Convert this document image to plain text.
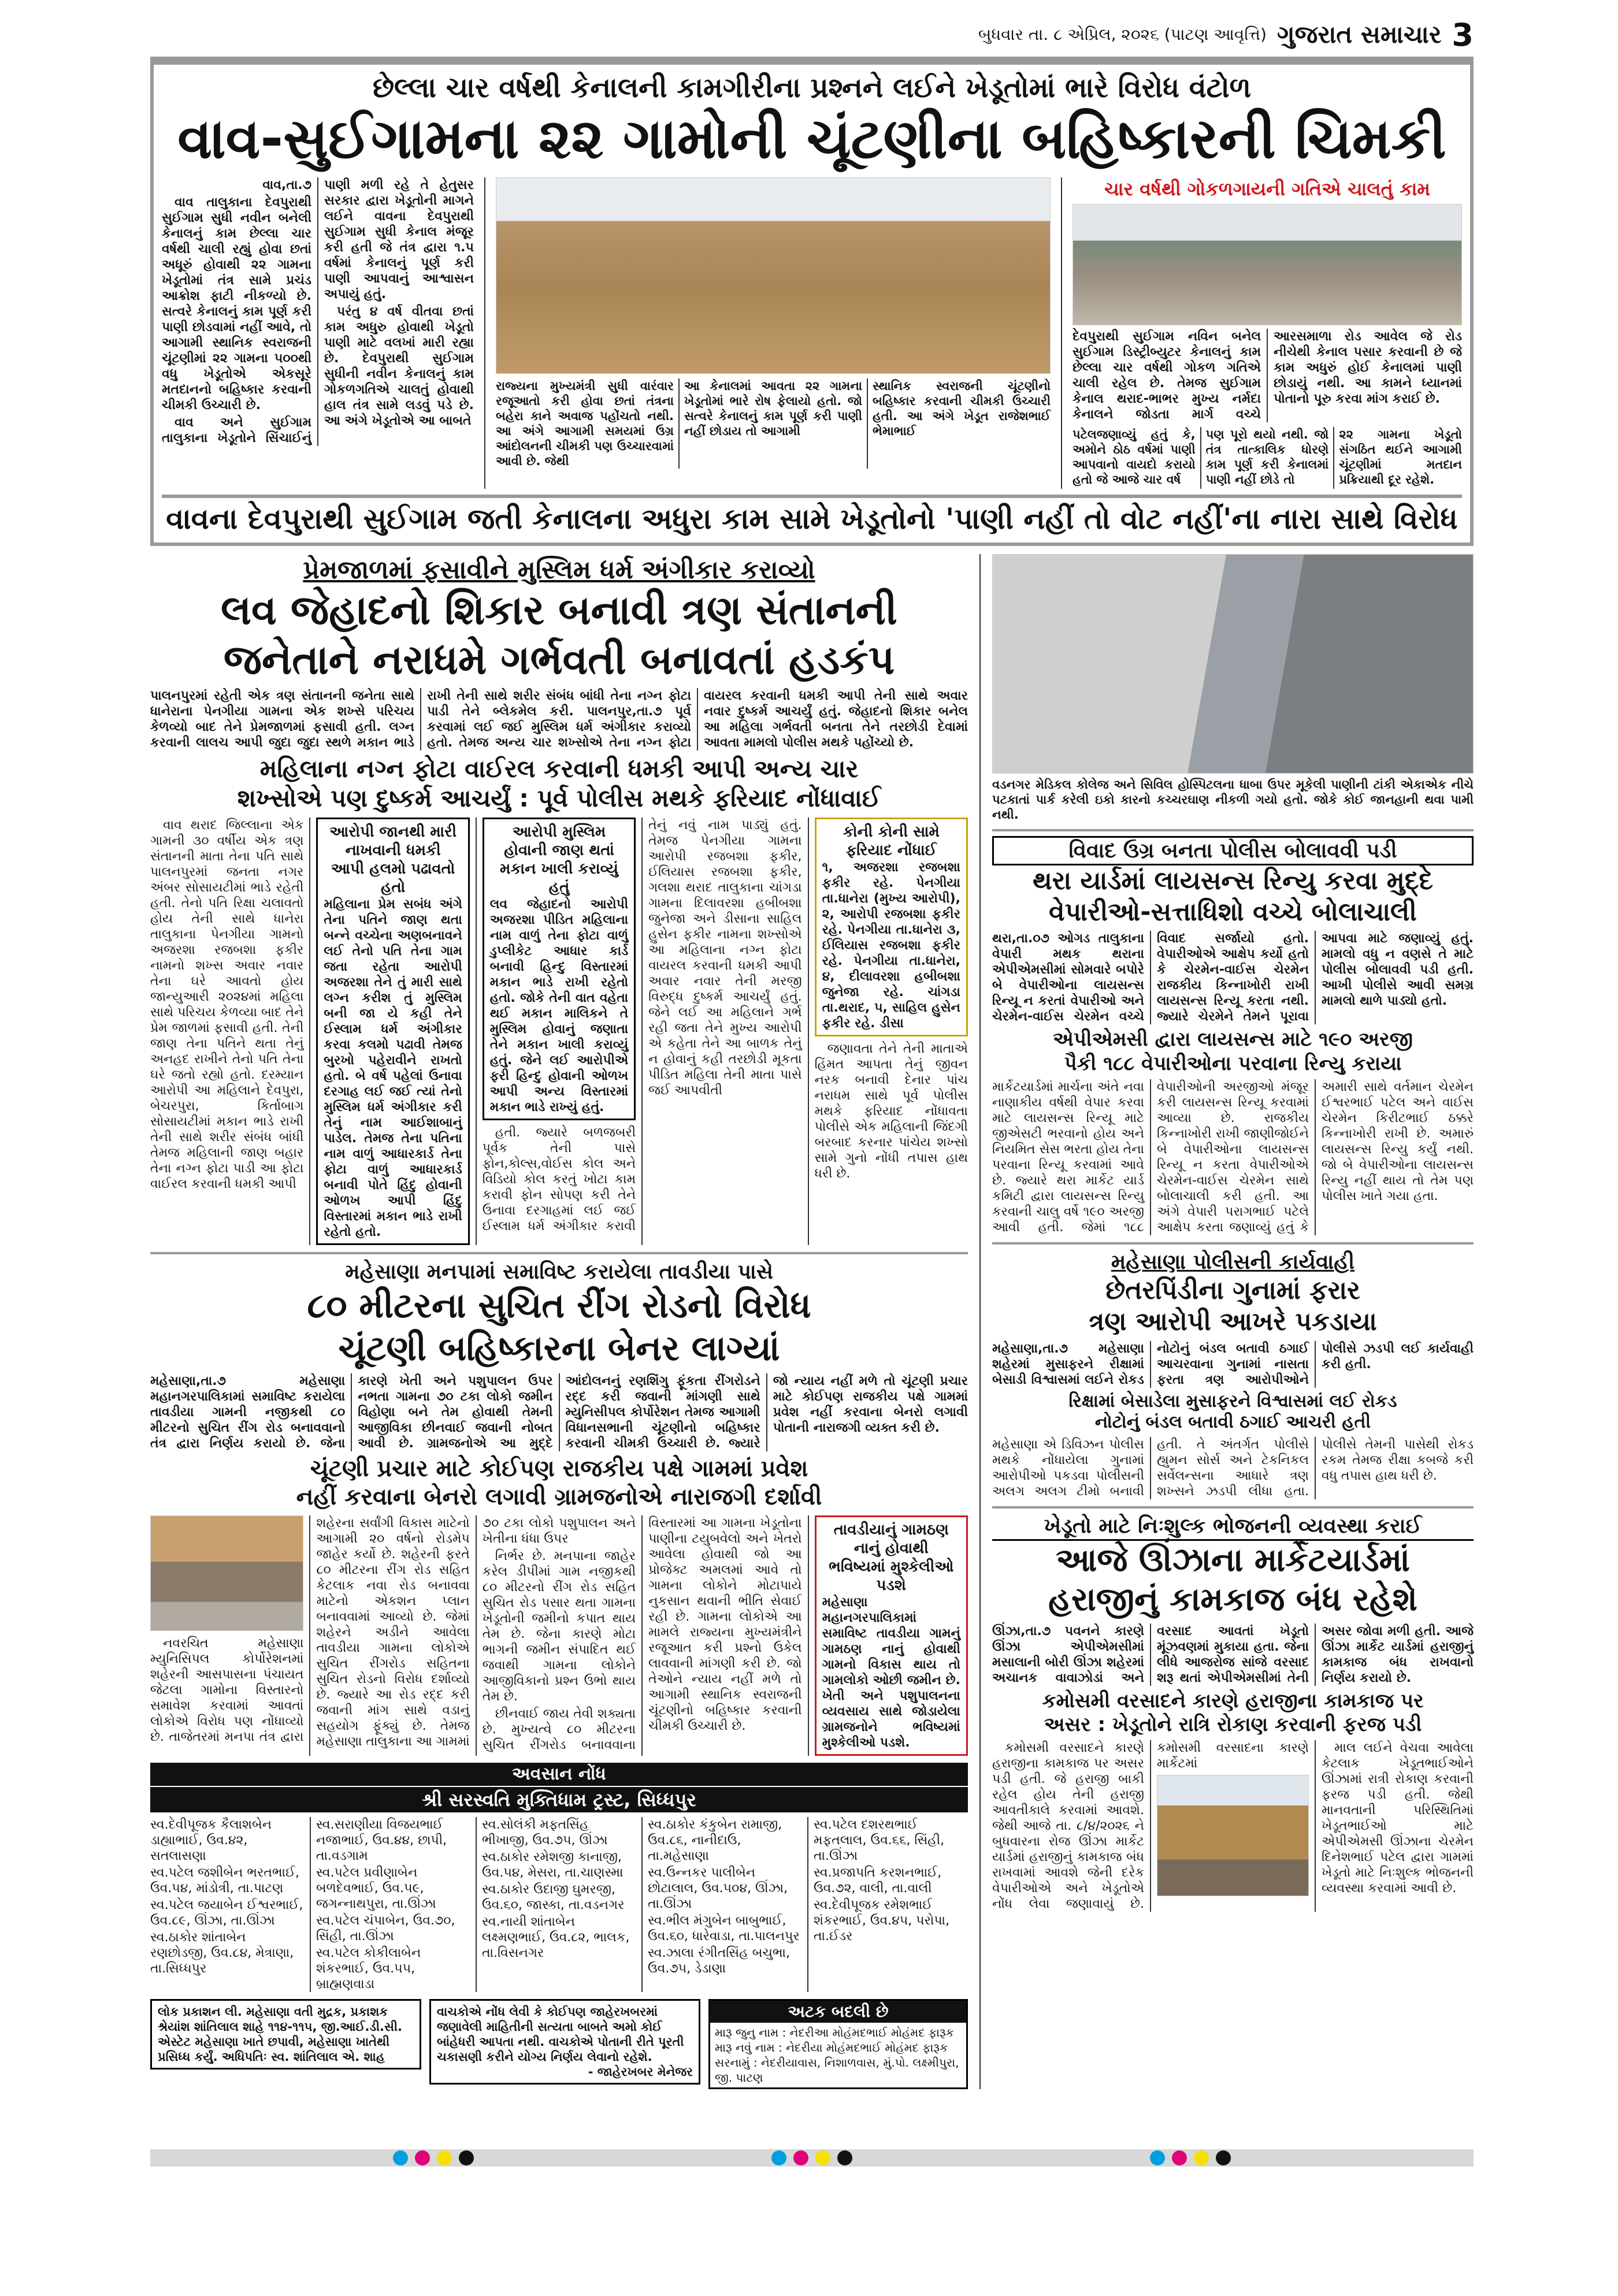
બુધવાર તા. ૮ એપ્રિલ, ૨૦૨૬ (પાટણ આવૃત્તિ) ગુજરાત સમાચાર 3
છેલ્લા ચાર વર્ષથી કેનાલની કામગીરીના પ્રશ્નને લઈને ખેડૂતોમાં ભારે વિરોધ વંટોળ
વાવ-સુઈગામના ૨૨ ગામોની ચૂંટણીના બહિષ્કારની ચિમકી

વાવ,તા.૭

વાવ તાલુકાના દેવપુરાથી સુઈગામ સુધી નવીન બનેલી કેનાલનું કામ છેલ્લા ચાર વર્ષથી ચાલી રહ્યું હોવા છતાં અધૂરું હોવાથી ૨૨ ગામના ખેડૂતોમાં તંત્ર સામે પ્રચંડ આક્રોશ ફાટી નીકળ્યો છે. સત્વરે કેનાલનું કામ પૂર્ણ કરી પાણી છોડવામાં નહીં આવે, તો આગામી સ્થાનિક સ્વરાજની ચૂંટણીમાં ૨૨ ગામના ૫૦૦થી વધુ ખેડૂતોએ એકસૂરે મતદાનનો બહિષ્કાર કરવાની ચીમકી ઉચ્ચારી છે.

વાવ અને સુઈગામ તાલુકાના ખેડૂતોને સિંચાઈનું પાણી મળી રહે તે હેતુસર સરકાર દ્વારા ખેડૂતોની માગને લઈને વાવના દેવપુરાથી સુઈગામ સુધી કેનાલ મંજૂર કરી હતી જે તંત્ર દ્વારા ૧.૫ વર્ષમાં કેનાલનું પૂર્ણ કરી પાણી આપવાનું આશ્વાસન અપાયું હતું.

પરંતુ ૪ વર્ષ વીતવા છતાં કામ અધુરુ હોવાથી ખેડૂતો પાણી માટે વલખાં મારી રહ્યા છે. દેવપુરાથી સુઈગામ સુધીની નવીન કેનાલનું કામ ગોકળગતિએ ચાલતું હોવાથી હાલ તંત્ર સામે લડવું પડે છે. આ અંગે ખેડૂતોએ આ બાબતે

રાજ્યના મુખ્યમંત્રી સુધી વારંવાર રજૂઆતો કરી હોવા છતાં તંત્રના બહેરા કાને અવાજ પહોંચતો નથી. આ અંગે આગામી સમયમાં ઉગ્ર આંદોલનની ચીમકી પણ ઉચ્ચારવામાં આવી છે. જેથી

આ કેનાલમાં આવતા ૨૨ ગામના ખેડૂતોમાં ભારે રોષ ફેલાયો હતો. જો સત્વરે કેનાલનું કામ પૂર્ણ કરી પાણી નહીં છોડાય તો આગામી

સ્થાનિક સ્વરાજની ચૂંટણીનો બહિષ્કાર કરવાની ચીમકી ઉચ્ચારી હતી. આ અંગે ખેડૂત રાજેશભાઈ ભેમાભાઈ

ચાર વર્ષથી ગોકળગાયની ગતિએ ચાલતું કામ
દેવપુરાથી સુઈગામ નવિન બનેલ સુઈગામ ડિસ્ટ્રીબ્યુટર કેનાલનું કામ છેલ્લા ચાર વર્ષથી ગોકળ ગતિએ ચાલી રહેલ છે. તેમજ સુઈગામ કેનાલ થરાદ-ભાભર મુખ્ય નર્મદા કેનાલને જોડતા માર્ગ વચ્ચે આરસમાળા રોડ આવેલ જે રોડ નીચેથી કેનાલ પસાર કરવાની છે જે કામ અધુરું હોઈ કેનાલમાં પાણી છોડાયું નથી. આ કામને ધ્યાનમાં પોતાનો પૂરુ કરવા માંગ કરાઈ છે.

પટેલજણાવ્યું હતું કે, અમોને ઠોઠ વર્ષમાં પાણી આપવાનો વાયદો કરાયો હતો જે આજે ચાર વર્ષ

પણ પૂરો થયો નથી. જો તંત્ર તાત્કાલિક ધોરણે કામ પૂર્ણ કરી કેનાલમાં પાણી નહીં છોડે તો

૨૨ ગામના ખેડૂતો સંગઠિત થઈને આગામી ચૂંટણીમાં મતદાન પ્રક્રિયાથી દૂર રહેશે.

વાવના દેવપુરાથી સુઈગામ જતી કેનાલના અધુરા કામ સામે ખેડૂતોનો 'પાણી નહીં તો વોટ નહીં'ના નારા સાથે વિરોધ
પ્રેમજાળમાં ફસાવીને મુસ્લિમ ધર્મ અંગીકાર કરાવ્યો
લવ જેહાદનો શિકાર બનાવી ત્રણ સંતાનની
જનેતાને નરાધમે ગર્ભવતી બનાવતાં હડકંપ
પાલનપુરમાં રહેતી એક ત્રણ સંતાનની જનેતા સાથે ધાનેરાના પેનગીયા ગામના એક શખ્સે પરિચય કેળવ્યો બાદ તેને પ્રેમજાળમાં ફસાવી હતી. લગ્ન કરવાની લાલચ આપી જુદા જુદા સ્થળે મકાન ભાડે રાખી તેની સાથે શરીર સંબંધ બાંધી તેના નગ્ન ફોટા પાડી તેને બ્લેકમેલ કરી. પાલનપુર,તા.૭ પૂર્વ કરવામાં લઈ જઈ મુસ્લિમ ધર્મ અંગીકાર કરાવ્યો હતો. તેમજ અન્ય ચાર શખ્સોએ તેના નગ્ન ફોટા વાયરલ કરવાની ધમકી આપી તેની સાથે અવાર નવાર દુષ્કર્મ આચર્યું હતું. જેહાદનો શિકાર બનેલ આ મહિલા ગર્ભવતી બનતા તેને તરછોડી દેવામાં આવતા મામલો પોલીસ મથકે પહોંચ્યો છે.
મહિલાના નગ્ન ફોટા વાઈરલ કરવાની ધમકી આપી અન્ય ચાર
શખ્સોએ પણ દુષ્કર્મ આચર્યું : પૂર્વ પોલીસ મથકે ફરિયાદ નોંધાવાઈ

વાવ થરાદ જિલ્લાના એક ગામની ૩૦ વર્ષીય એક ત્રણ સંતાનની માતા તેના પતિ સાથે પાલનપુરમાં જનતા નગર અંબર સોસાયટીમાં ભાડે રહેતી હતી. તેનો પતિ રિક્ષા ચલાવતો હોય તેની સાથે ધાનેરા તાલુકાના પેનગીયા ગામનો અજરશા રજબશા ફકીર નામનો શખ્સ અવાર નવાર તેના ઘરે આવતો હોય જાન્યુઆરી ૨૦૨૪માં મહિલા સાથે પરિચય કેળવ્યા બાદ તેને પ્રેમ જાળમાં ફસાવી હતી. તેની જાણ તેના પતિને થતા તેનું અનહદ રાખીને તેનો પતિ તેના ઘરે જતો રહ્યો હતો. દરમ્યાન આરોપી આ મહિલાને દેવપુરા, બેચરપુરા, કિર્તાબાગ સોસાયટીમાં મકાન ભાડે રાખી તેની સાથે શરીર સંબંધ બાંધી તેમજ મહિલાની જાણ બહાર તેના નગ્ન ફોટા પાડી આ ફોટા વાઈરલ કરવાની ધમકી આપી

આરોપી જાનથી મારી નાખવાની ધમકી
આપી હલમો પઢાવતો હતો
મહિલાના પ્રેમ સબંધ અંગે તેના પતિને જાણ થતા બન્ને વચ્ચેના અણબનાવને લઈ તેનો પતિ તેના ગામ જતા રહેતા આરોપી અજરશા તેને તું મારી સાથે લગ્ન કરીશ તું મુસ્લિમ બની જા યે કહી તેને ઈસ્લામ ધર્મ અંગીકાર કરવા કલમો પઢાવી તેમજ બુરખો પહેરાવીને રાખતો હતો. બે વર્ષ પહેલાં ઉનાવા દરગાહ લઈ જઈ ત્યાં તેનો મુસ્લિમ ધર્મ અંગીકાર કરી તેનું નામ આઈશાબાનું પાડેલ. તેમજ તેના પતિના નામ વાળું આધારકાર્ડ તેના ફોટા વાળું આધારકાર્ડ બનાવી પોતે હિંદુ હોવાની ઓળખ આપી હિંદુ વિસ્તારમાં મકાન ભાડે રાખી રહેતો હતો.
આરોપી મુસ્લિમ હોવાની જાણ થતાં
મકાન ખાલી કરાવ્યું હતું
લવ જેહાદનો આરોપી અજરશા પીડિત મહિલાના નામ વાળું તેના ફોટા વાળું ડુપ્લીકેટ આધાર કાર્ડ બનાવી હિન્દુ વિસ્તારમાં મકાન ભાડે રાખી રહેતો હતો. જોકે તેની વાત વહેતા થઈ મકાન માલિકને તે મુસ્લિમ હોવાનું જણાતા તેને મકાન ખાલી કરાવ્યું હતું. જેને લઈ આરોપીએ ફરી હિન્દુ હોવાની ઓળખ આપી અન્ય વિસ્તારમાં મકાન ભાડે રાખ્યું હતું.

હતી. જ્યારે બળજબરી પૂર્વક તેની પાસે ફોન,કોલ્સ,વોઈસ કોલ અને વિડિયો કોલ કરતું ખોટા કામ કરાવી ફોન સોપણ કરી તેને ઉનાવા દરગાહમાં લઈ જઈ ઈસ્લામ ધર્મ અંગીકાર કરાવી તેનું નવું નામ પાડ્યું હતું. તેમજ પેનગીયા ગામના આરોપી રજબશા ફકીર, ઈલિયાસ રજબશા ફકીર, ગલશા થરાદ તાલુકાના ચાંગડા ગામના દિલાવરશા હબીબશા જુનેજા અને ડીસાના સાહિલ હુસેન ફકીર નામના શખ્સોએ આ મહિલાના નગ્ન ફોટા વાયરલ કરવાની ધમકી આપી અવાર નવાર તેની મરજી વિરુદ્ધ દુષ્કર્મ આચર્યું હતું. જેને લઈ આ મહિલાને ગર્ભ રહી જતા તેને મુખ્ય આરોપી એ કહેતા તેને આ બાળક તેનું ન હોવાનું કહી તરછોડી મૂકતા પીડિત મહિલા તેની માતા પાસે જઈ આપવીતી

કોની કોની સામે
ફરિયાદ નોંધાઈ
૧, અજરશા રજબશા ફકીર રહે. પેનગીયા તા.ધાનેરા (મુખ્ય આરોપી), ૨, આરોપી રજબશા ફકીર રહે. પેનગીયા તા.ધાનેરા ૩, ઈલિયાસ રજબશા ફકીર રહે. પેનગીયા તા.ધાનેરા, ૪, દીલાવરશા હબીબશા જુનેજા રહે. ચાંગડા તા.થરાદ, ૫, સાહિલ હુસેન ફકીર રહે. ડીસા

જણાવતા તેને તેની માતાએ હિંમત આપતા તેનું જીવન નરક બનાવી દેનાર પાંચ નરાધમ સાથે પૂર્વ પોલીસ મથકે ફરિયાદ નોંધાવતા પોલીસે એક મહિલાની જિંદગી બરબાદ કરનાર પાંચેય શખ્સો સામે ગુનો નોંધી તપાસ હાથ ધરી છે.

મહેસાણા મનપામાં સમાવિષ્ટ કરાયેલા તાવડીયા પાસે
૮૦ મીટરના સુચિત રીંગ રોડનો વિરોધ
ચૂંટણી બહિષ્કારના બેનર લાગ્યાં
મહેસાણા,તા.૭ મહેસાણા મહાનગરપાલિકામાં સમાવિષ્ટ કરાયેલા તાવડીયા ગામની નજીકથી ૮૦ મીટરનો સુચિત રીંગ રોડ બનાવવાનો તંત્ર દ્વારા નિર્ણય કરાયો છે. જેના કારણે ખેતી અને પશુપાલન ઉપર નભતા ગામના ૭૦ ટકા લોકો જમીન વિહોણા બને તેમ હોવાથી તેમની આજીવિકા છીનવાઈ જવાની નોબત આવી છે. ગ્રામજનોએ આ મુદ્દે આંદોલનનું રણશિંગુ ફૂંકતા રીંગરોડને રદ્દ કરી જવાની માંગણી સાથે મ્યુનિસીપલ કોર્પોરેશન તેમજ આગામી વિધાનસભાની ચૂંટણીનો બહિષ્કાર કરવાની ચીમકી ઉચ્ચારી છે. જ્યારે જો ન્યાય નહીં મળે તો ચૂંટણી પ્રચાર માટે કોઈપણ રાજકીય પક્ષે ગામમાં પ્રવેશ નહીં કરવાના બેનરો લગાવી પોતાની નારાજગી વ્યક્ત કરી છે.
ચૂંટણી પ્રચાર માટે કોઈપણ રાજકીય પક્ષે ગામમાં પ્રવેશ
નહીં કરવાના બેનરો લગાવી ગ્રામજનોએ નારાજગી દર્શાવી

નવરચિત મહેસાણા મ્યુનિસિપલ કોર્પોરેશનમાં શહેરની આસપાસના પંચાયત જેટલા ગામોના વિસ્તારનો સમાવેશ કરવામાં આવતાં લોકોએ વિરોધ પણ નોંધાવ્યો છે. તાજેતરમાં મનપા તંત્ર દ્વારા શહેરના સર્વાંગી વિકાસ માટેનો આગામી ૨૦ વર્ષનો રોડમેપ જાહેર કર્યો છે. શહેરની ફરતે ૮૦ મીટરના રીંગ રોડ સહિત કેટલાક નવા રોડ બનાવવા માટેનો એકશન પ્લાન બનાવવામાં આવ્યો છે. જેમાં શહેરને અડીને આવેલા તાવડીયા ગામના લોકોએ સુચિત રીંગરોડ સહિતના સુચિત રોડનો વિરોધ દર્શાવ્યો છે. જ્યારે આ રોડ રદ્દ કરી જવાની માંગ સાથે વડાનું સહયોગ ફૂંક્યું છે. તેમજ મહેસાણા તાલુકાના આ ગામમાં ૭૦ ટકા લોકો પશુપાલન અને ખેતીના ધંધા ઉપર

નિર્ભર છે. મનપાના જાહેર કરેલ ડીપીમાં ગામ નજીકથી ૮૦ મીટરનો રીંગ રોડ સહિત સુચિત રોડ પસાર થતા ગામના ખેડૂતોની જમીનો કપાત થાય તેમ છે. જેના કારણે મોટા ભાગની જમીન સંપાદિત થઈ જવાથી ગામના લોકોને આજીવિકાનો પ્રશ્ન ઉભો થાય તેમ છે.

છીનવાઈ જાય તેવી શક્યતા છે. મુખ્યત્વે ૮૦ મીટરના સુચિત રીંગરોડ બનાવવાના વિસ્તારમાં આ ગામના ખેડૂતોના પાણીના ટયુબવેલો અને ખેતરો આવેલા હોવાથી જો આ પ્રોજેક્ટ અમલમાં આવે તો ગામના લોકોને મોટાપાયે નુકસાન થવાની ભીતિ સેવાઈ રહી છે. ગામના લોકોએ આ મામલે રાજ્યના મુખ્યમંત્રીને રજૂઆત કરી પ્રશ્નો ઉકેલ લાવવાની માંગણી કરી છે. જો તેઓને ન્યાય નહીં મળે તો આગામી સ્થાનિક સ્વરાજની ચૂંટણીનો બહિષ્કાર કરવાની ચીમકી ઉચ્ચારી છે.

તાવડીયાનું ગામઠણ નાનું હોવાથી
ભવિષ્યમાં મુશ્કેલીઓ પડશે
મહેસાણા મહાનગરપાલિકામાં સમાવિષ્ટ તાવડીયા ગામનું ગામઠણ નાનું હોવાથી ગામનો વિકાસ થાય તો ગામલોકો ઓછી જમીન છે. ખેતી અને પશુપાલનના વ્યવસાય સાથે જોડાયેલા ગ્રામજનોને ભવિષ્યમાં મુશ્કેલીઓ પડશે.
અવસાન નોંધ
શ્રી સરસ્વતિ મુક્તિધામ ટ્રસ્ટ, સિધ્ધપુર

સ્વ.દેવીપૂજક કૈલાશબેન ડાહ્યાભાઈ, ઉવ.૪૨, સતલાસણા

સ્વ.પટેલ જશીબેન ભરતભાઈ, ઉવ.૫૪, માંડોત્રી, તા.પાટણ

સ્વ.પટેલ જયાબેન ઈશ્વરભાઈ, ઉવ.૮૯, ઊંઝા, તા.ઊંઝા

સ્વ.ઠાકોર શાંતાબેન રણછોડજી, ઉવ.૮૪, મેત્રાણા, તા.સિધ્ધપુર

સ્વ.સરાણીયા વિજયભાઈ નજાભાઈ, ઉવ.૪૪, છાપી, તા.વડગામ

સ્વ.પટેલ પ્રવીણાબેન બળદેવભાઈ, ઉવ.૫૯, જગન્નાથપુરા, તા.ઊંઝા

સ્વ.પટેલ ચંપાબેન, ઉવ.૭૦, સિંહી, તા.ઊંઝા

સ્વ.પટેલ કોકીલાબેન શંકરભાઈ, ઉવ.૫૫, બ્રાહ્મણવાડા

સ્વ.સોલંકી મફતસિંહ ભીખાજી, ઉવ.૭૫, ઊંઝા

સ્વ.ઠાકોર રમેશજી કાનાજી, ઉવ.૫૪, મેસરા, તા.ચાણસ્મા

સ્વ.ઠાકોર ઉદાજી ઘુમરજી, ઉવ.૬૦, જાસ્કા, તા.વડનગર

સ્વ.નાયી શાંતાબેન લક્ષ્મણભાઈ, ઉવ.૮૨, ભાલક, તા.વિસનગર

સ્વ.ઠાકોર કંકુબેન રામાજી, ઉવ.૮૬, નાનીદાઉ, તા.મહેસાણા

સ્વ.ઉન્નકર પાલીબેન છોટાલાલ, ઉવ.૫૦૪, ઊંઝા, તા.ઊંઝા

સ્વ.ભીલ મંગુબેન બાબુભાઈ, ઉવ.૬૦, ધારેવાડા, તા.પાલનપુર

સ્વ.ઝાલા રંગીતસિંહ બચુભા, ઉવ.૭૫, ડેડાણા

સ્વ.પટેલ દશરથભાઈ મફતલાલ, ઉવ.૬૬, સિંહી, તા.ઊંઝા

સ્વ.પ્રજાપતિ કરશનભાઈ, ઉવ.૭૨, વાલી, તા.વાલી

સ્વ.દેવીપૂજક રમેશભાઈ શંકરભાઈ, ઉવ.૪૫, પરોપા, તા.ઈડર

લોક પ્રકાશન લી. મહેસાણા વતી મુદ્રક, પ્રકાશક શ્રેયાંશ શાંતિલાલ શાહે ૧૧૪-૧૧૫, જી.આઈ.ડી.સી. એસ્ટેટ મહેસાણા ખાતે છપાવી, મહેસાણા ખાતેથી પ્રસિધ્ધ કર્યું. અધિપતિઃ સ્વ. શાંતિલાલ એ. શાહ
વાચકોએ નોંધ લેવી કે કોઈપણ જાહેરખબરમાં જણાવેલી માહિતીની સત્યતા બાબતે અમો કોઈ બાંહેધરી આપતા નથી. વાચકોએ પોતાની રીતે પૂરતી ચકાસણી કરીને યોગ્ય નિર્ણય લેવાનો રહેશે.
- જાહેરખબર મેનેજર
અટક બદલી છે
મારૂ જુનુ નામ : નેદરીઆ મોહંમદભાઈ મોહંમદ ફારૂક
મારૂ નવું નામ : નેદરીયા મોહંમદભાઈ મોહંમદ ફારૂક
સરનામું : નેદરીયાવાસ, નિશાળવાસ, મું.પો. લક્ષ્મીપુરા, જી. પાટણ
વડનગર મેડિકલ કોલેજ અને સિવિલ હોસ્પિટલના ધાબા ઉપર મૂકેલી પાણીની ટાંકી એકાએક નીચે પટકાતાં પાર્ક કરેલી ઇકો કારનો કચ્ચરઘાણ નીકળી ગયો હતો. જોકે કોઈ જાનહાની થવા પામી નથી.
વિવાદ ઉગ્ર બનતા પોલીસ બોલાવવી પડી
થરા યાર્ડમાં લાયસન્સ રિન્યુ કરવા મુદ્દે
વેપારીઓ-સત્તાધિશો વચ્ચે બોલાચાલી
થરા,તા.૦૭ ઓગડ તાલુકાના વેપારી મથક થરાના એપીએમસીમાં સોમવારે બપોરે બે વેપારીઓના લાયસન્સ રિન્યૂ ન કરતાં વેપારીઓ અને ચેરમેન-વાઈસ ચેરમેન વચ્ચે વિવાદ સર્જાયો હતો. વેપારીઓએ આક્ષેપ કર્યો હતો કે ચેરમેન-વાઈસ ચેરમેન રાજકીય કિન્નાખોરી રાખી લાયસન્સ રિન્યૂ કરતા નથી. જ્યારે ચેરમેને તેમને પૂરાવા આપવા માટે જણાવ્યું હતું. મામલો વધુ ન વણસે તે માટે પોલીસ બોલાવવી પડી હતી. આખી પોલીસે આવી સમગ્ર મામલો થાળે પાડ્યો હતો.
એપીએમસી દ્વારા લાયસન્સ માટે ૧૯૦ અરજી
પૈકી ૧૮૮ વેપારીઓના પરવાના રિન્યુ કરાયા
માર્કેટયાર્ડમાં માર્ચના અંતે નવા નાણાકીય વર્ષથી વેપાર કરવા માટે લાયસન્સ રિન્યૂ માટે જીએસટી ભરવાનો હોય અને નિયમિત સેસ ભરતા હોય તેના પરવાના રિન્યૂ કરવામાં આવે છે. જ્યારે થરા માર્કેટ યાર્ડ કમિટી દ્વારા લાયસન્સ રિન્યુ કરવાની ચાલુ વર્ષે ૧૯૦ અરજી આવી હતી. જેમાં ૧૮૮ વેપારીઓની અરજીઓ મંજૂર કરી લાયસન્સ રિન્યૂ કરવામાં આવ્યા છે. રાજકીય કિન્નાખોરી રાખી જાણીજોઈને બે વેપારીઓના લાયસન્સ રિન્યૂ ન કરતા વેપારીઓએ ચેરમેન-વાઈસ ચેરમેન સાથે બોલાચાલી કરી હતી. આ અંગે વેપારી પરાગભાઈ પટેલે આક્ષેપ કરતા જણાવ્યું હતું કે અમારી સાથે વર્તમાન ચેરમેન ઈશ્વરભાઈ પટેલ અને વાઈસ ચેરમેન કિરીટભાઈ ઠક્કરે કિન્નાખોરી રાખી છે. અમારું લાયસન્સ રિન્યુ કર્યું નથી. જો બે વેપારીઓના લાયસન્સ રિન્યુ નહીં થાય તો તેમ પણ પોલીસ ખાતે ગયા હતા.
મહેસાણા પોલીસની કાર્યવાહી
છેતરપિંડીના ગુનામાં ફરાર
ત્રણ આરોપી આખરે પકડાયા
મહેસાણા,તા.૭ મહેસાણા શહેરમાં મુસાફરને રીક્ષામાં બેસાડી વિશ્વાસમાં લઈને રોકડ નોટોનું બંડલ બતાવી ઠગાઈ આચરવાના ગુનામાં નાસતા ફરતા ત્રણ આરોપીઓને પોલીસે ઝડપી લઈ કાર્યવાહી કરી હતી.
રિક્ષામાં બેસાડેલા મુસાફરને વિશ્વાસમાં લઈ રોકડ
નોટોનું બંડલ બતાવી ઠગાઈ આચરી હતી
મહેસાણા એ ડિવિઝન પોલીસ મથકે નોંધાયેલા ગુનામાં આરોપીઓ પકડવા પોલીસની અલગ અલગ ટીમો બનાવી હતી. તે અંતર્ગત પોલીસે હ્યુમન સોર્સ અને ટેકનિકલ સર્વેલન્સના આધારે ત્રણ શખ્સને ઝડપી લીધા હતા. પોલીસે તેમની પાસેથી રોકડ રકમ તેમજ રીક્ષા કબજે કરી વધુ તપાસ હાથ ધરી છે.
ખેડૂતો માટે નિઃશુલ્ક ભોજનની વ્યવસ્થા કરાઈ
આજે ઊંઝાના માર્કેટયાર્ડમાં
હરાજીનું કામકાજ બંધ રહેશે
ઊંઝા,તા.૭ પવનને કારણે ઊંઝા એપીએમસીમાં મસાલાની બોરી ઊંઝા શહેરમાં અચાનક વાવાઝોડાં અને વરસાદ આવતાં ખેડૂતો મૂંઝવણમાં મુકાયા હતા. જેના લીધે આજરોજ સાંજે વરસાદ શરૂ થતાં એપીએમસીમાં તેની અસર જોવા મળી હતી. આજે ઊંઝા માર્કેટ યાર્ડમાં હરાજીનું કામકાજ બંધ રાખવાનો નિર્ણય કરાયો છે.
કમોસમી વરસાદને કારણે હરાજીના કામકાજ પર
અસર : ખેડૂતોને રાત્રિ રોકાણ કરવાની ફરજ પડી

કમોસમી વરસાદને કારણે હરાજીના કામકાજ પર અસર પડી હતી. જે હરાજી બાકી રહેલ હોય તેની હરાજી આવતીકાલે કરવામાં આવશે. જેથી આજે તા. ૮/૪/૨૦૨૬ ને બુધવારના રોજ ઊંઝા માર્કેટ યાર્ડમાં હરાજીનું કામકાજ બંધ રાખવામાં આવશે જેની દરેક વેપારીઓએ અને ખેડૂતોએ નોંધ લેવા જણાવાયું છે. કમોસમી વરસાદના કારણે માર્કેટમાં

માલ લઈને વેચવા આવેલા કેટલાક ખેડૂતભાઈઓને ઊંઝામાં રાત્રી રોકાણ કરવાની ફરજ પડી હતી. જેથી માનવતાની પરિસ્થિતિમાં ખેડૂતભાઈઓ માટે એપીએમસી ઊંઝાના ચેરમેન દિનેશભાઈ પટેલ દ્વારા ગામમાં ખેડૂતો માટે નિઃશુલ્ક ભોજનની વ્યવસ્થા કરવામાં આવી છે.
